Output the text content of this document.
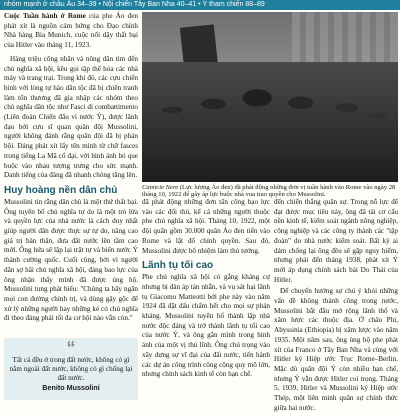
nhóm mạnh ở châu Âu 34–39 • Nội chiến Tây Ban Nha 40–41 • Ý tham chiến 88–89

Cuộc Tuần hành ở Rome của phe Áo đen phát xít là nguồn cảm hứng cho Đạo chính Nhà hàng Bia Munich, cuộc nổi dậy thất bại của Hitler vào tháng 11, 1923.

Hàng triệu công nhân và nông dân tìm đến chủ nghĩa xã hội, kêu gọi tập thể hóa các nhà máy và trang trại. Trong khi đó, các cựu chiến binh với lòng tự hào dân tộc đã bị chiến tranh làm tổn thương đã gia nhập các nhóm theo chủ nghĩa dân tộc như Fasci di combattimento (Liên đoàn Chiến đấu vì nước Ý), được lãnh đạo bởi cựu sĩ quan quân đội Mussolini, người không đánh rằng quân đội đã bị phản bội. Đảng phát xít lấy tên mình từ chữ fasces trong tiếng La Mã cổ đại, với hình ảnh bó que buộc vào nhau tượng trưng cho sức mạnh. Danh tiếng của đảng đã nhanh chóng tăng lên.

Huy hoàng nền dân chủ

Mussolini tin rằng dân chủ là một thứ thất bại. Ông tuyên bố chủ nghĩa tự do là một trò lừa và quyền lực của nhà nước là cách duy nhất giúp người dân được thực sự tự do, nâng cao giá trị bản thân, đưa đất nước lên tầm cao mới. Ông hứa sẽ lập lại trật tự và biến nước Ý thành cường quốc. Cuối cùng, bởi vì người dân sợ hãi chủ nghĩa xã hội, đảng bao lực của ông nhận thấy mình đã được ủng hộ. Mussolini tung phát biểu: "Chúng ta hãy ngăn mọi con đường chính trị, và dùng gậy gộc để xử lý những người hay những kẻ có chủ nghĩa đi theo đảng phái tối đa cơ hội nào vẫn còn."

Camicie Nere (Lực lượng Áo đen) đã phát động những đơn vị tuần hành vào Rome vào ngày 28 tháng 10, 1922 để gây áp lực buộc nhà vua trao quyền cho Mussolini.

đã phát động những đơn tấn công bạo lực vào các đối thủ, kể cả những người thuộc phe chủ nghĩa xã hội. Tháng 10, 1922, một đội quân gồm 30.000 quân Áo đen tiến vào Rome và lật đổ chính quyền. Sau đó, Mussolini được bổ nhiệm làm thủ tướng.

Lãnh tụ tối cao

Phe chủ nghĩa xã hội có gắng kháng cự nhưng bị đàn áp tàn nhẫn, và vụ sát hại lãnh tụ Giacomo Matteotti bởi phe này vào năm 1924 đã đặt dấu chấm hết cho mọi sự phản kháng. Mussolini tuyên bố thành lập nhà nước độc đảng và trở thành lãnh tụ tối cao của nước Ý, và ông gắn mình trong hình ảnh của một vị thủ lĩnh. Ông chú trọng vào xây dựng sự vĩ đại của đất nước, tiến hành các dự án công trình công cộng quy mô lớn, nhưng chính sách kinh tế còn hạn chế.

đến chiến thắng quân sự. Trong nỗ lực để đạt được mục tiêu này, ông đã tái cơ cấu nền kinh tế, kiểm soát ngành nông nghiệp, công nghiệp và các công ty thành các "tập đoàn" do nhà nước kiểm soát. Bất kỳ ai dám chống lại ông đều sẽ gặp nguy hiểm, nhưng phải đến tháng 1938, phát xít Ý mới áp dụng chính sách bài Do Thái của Hitler.

Để chuyển hướng sự chú ý khỏi những vấn đề không thành công trong nước, Mussolini bắt đầu mở rộng lãnh thổ và xâm lược các thuộc địa. Ở châu Phi, Abyssinia (Ethiopia) bị xâm lược vào năm 1935. Một năm sau, ông ủng hộ phe phát xít của Franco ở Tây Ban Nha và cùng với Hitler ký Hiệp ước Trục Rome–Berlin. Mặc dù quân đội Ý còn nhiều hạn chế, nhưng Ý vẫn được Hitler coi trọng. Tháng 5, 1939, Hitler và Mussolini ký Hiệp ước Thép, một liên minh quân sự chính thức giữa hai nước.

“
Tất cả đều ở trong đất nước, không có gì nằm ngoài đất nước, không có gì chống lại đất nước.
Benito Mussolini
